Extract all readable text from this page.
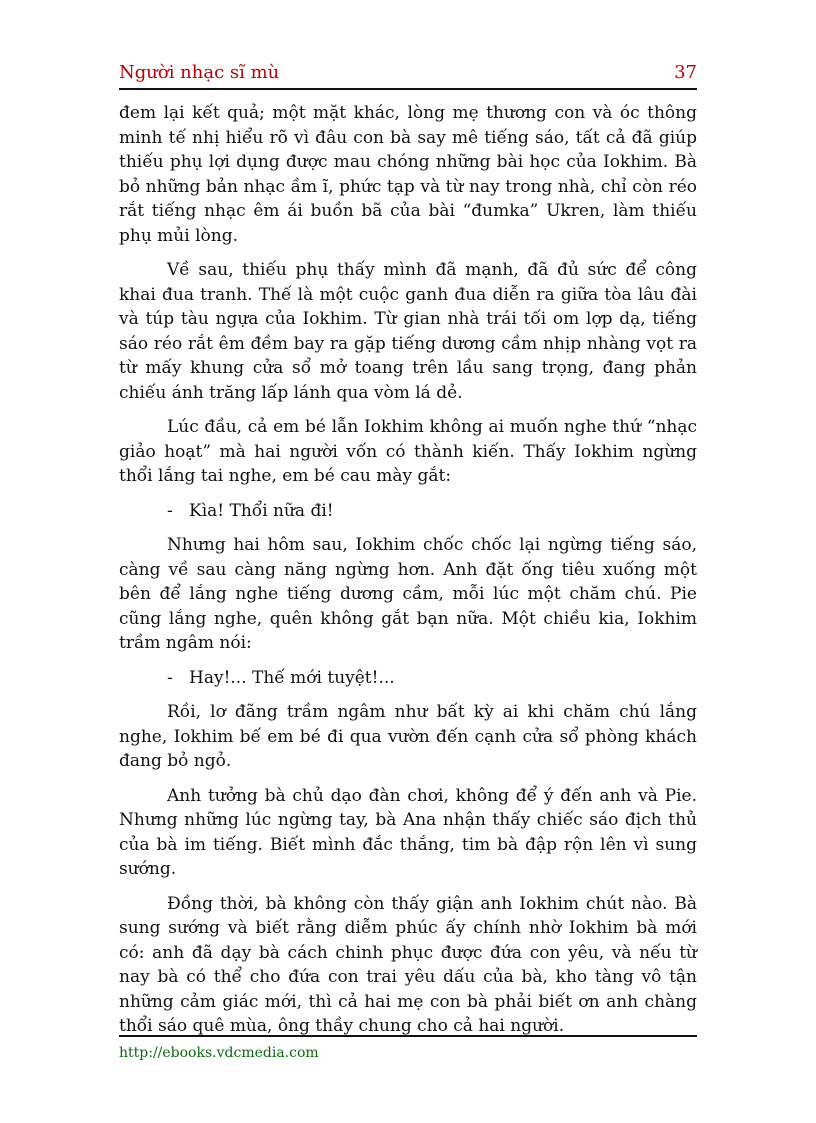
Người nhạc sĩ mù	37

đem lại kết quả; một mặt khác, lòng mẹ thương con và óc thông minh tế nhị hiểu rõ vì đâu con bà say mê tiếng sáo, tất cả đã giúp thiếu phụ lợi dụng được mau chóng những bài học của Iokhim. Bà bỏ những bản nhạc ầm ĩ, phức tạp và từ nay trong nhà, chỉ còn réo rắt tiếng nhạc êm ái buồn bã của bài “đumka” Ukren, làm thiếu phụ mủi lòng.

Về sau, thiếu phụ thấy mình đã mạnh, đã đủ sức để công khai đua tranh. Thế là một cuộc ganh đua diễn ra giữa tòa lâu đài và túp tàu ngựa của Iokhim. Từ gian nhà trái tối om lợp dạ, tiếng sáo réo rắt êm đềm bay ra gặp tiếng dương cầm nhịp nhàng vọt ra từ mấy khung cửa sổ mở toang trên lầu sang trọng, đang phản chiếu ánh trăng lấp lánh qua vòm lá dẻ.

Lúc đầu, cả em bé lẫn Iokhim không ai muốn nghe thứ “nhạc giảo hoạt” mà hai người vốn có thành kiến. Thấy Iokhim ngừng thổi lắng tai nghe, em bé cau mày gắt:

- Kìa! Thổi nữa đi!

Nhưng hai hôm sau, Iokhim chốc chốc lại ngừng tiếng sáo, càng về sau càng năng ngừng hơn. Anh đặt ống tiêu xuống một bên để lắng nghe tiếng dương cầm, mỗi lúc một chăm chú. Pie cũng lắng nghe, quên không gắt bạn nữa. Một chiều kia, Iokhim trầm ngâm nói:

- Hay!... Thế mới tuyệt!...

Rồi, lơ đãng trầm ngâm như bất kỳ ai khi chăm chú lắng nghe, Iokhim bế em bé đi qua vườn đến cạnh cửa sổ phòng khách đang bỏ ngỏ.

Anh tưởng bà chủ dạo đàn chơi, không để ý đến anh và Pie. Nhưng những lúc ngừng tay, bà Ana nhận thấy chiếc sáo địch thủ của bà im tiếng. Biết mình đắc thắng, tim bà đập rộn lên vì sung sướng.

Đồng thời, bà không còn thấy giận anh Iokhim chút nào. Bà sung sướng và biết rằng diễm phúc ấy chính nhờ Iokhim bà mới có: anh đã dạy bà cách chinh phục được đứa con yêu, và nếu từ nay bà có thể cho đứa con trai yêu dấu của bà, kho tàng vô tận những cảm giác mới, thì cả hai mẹ con bà phải biết ơn anh chàng thổi sáo quê mùa, ông thầy chung cho cả hai người.

http://ebooks.vdcmedia.com
